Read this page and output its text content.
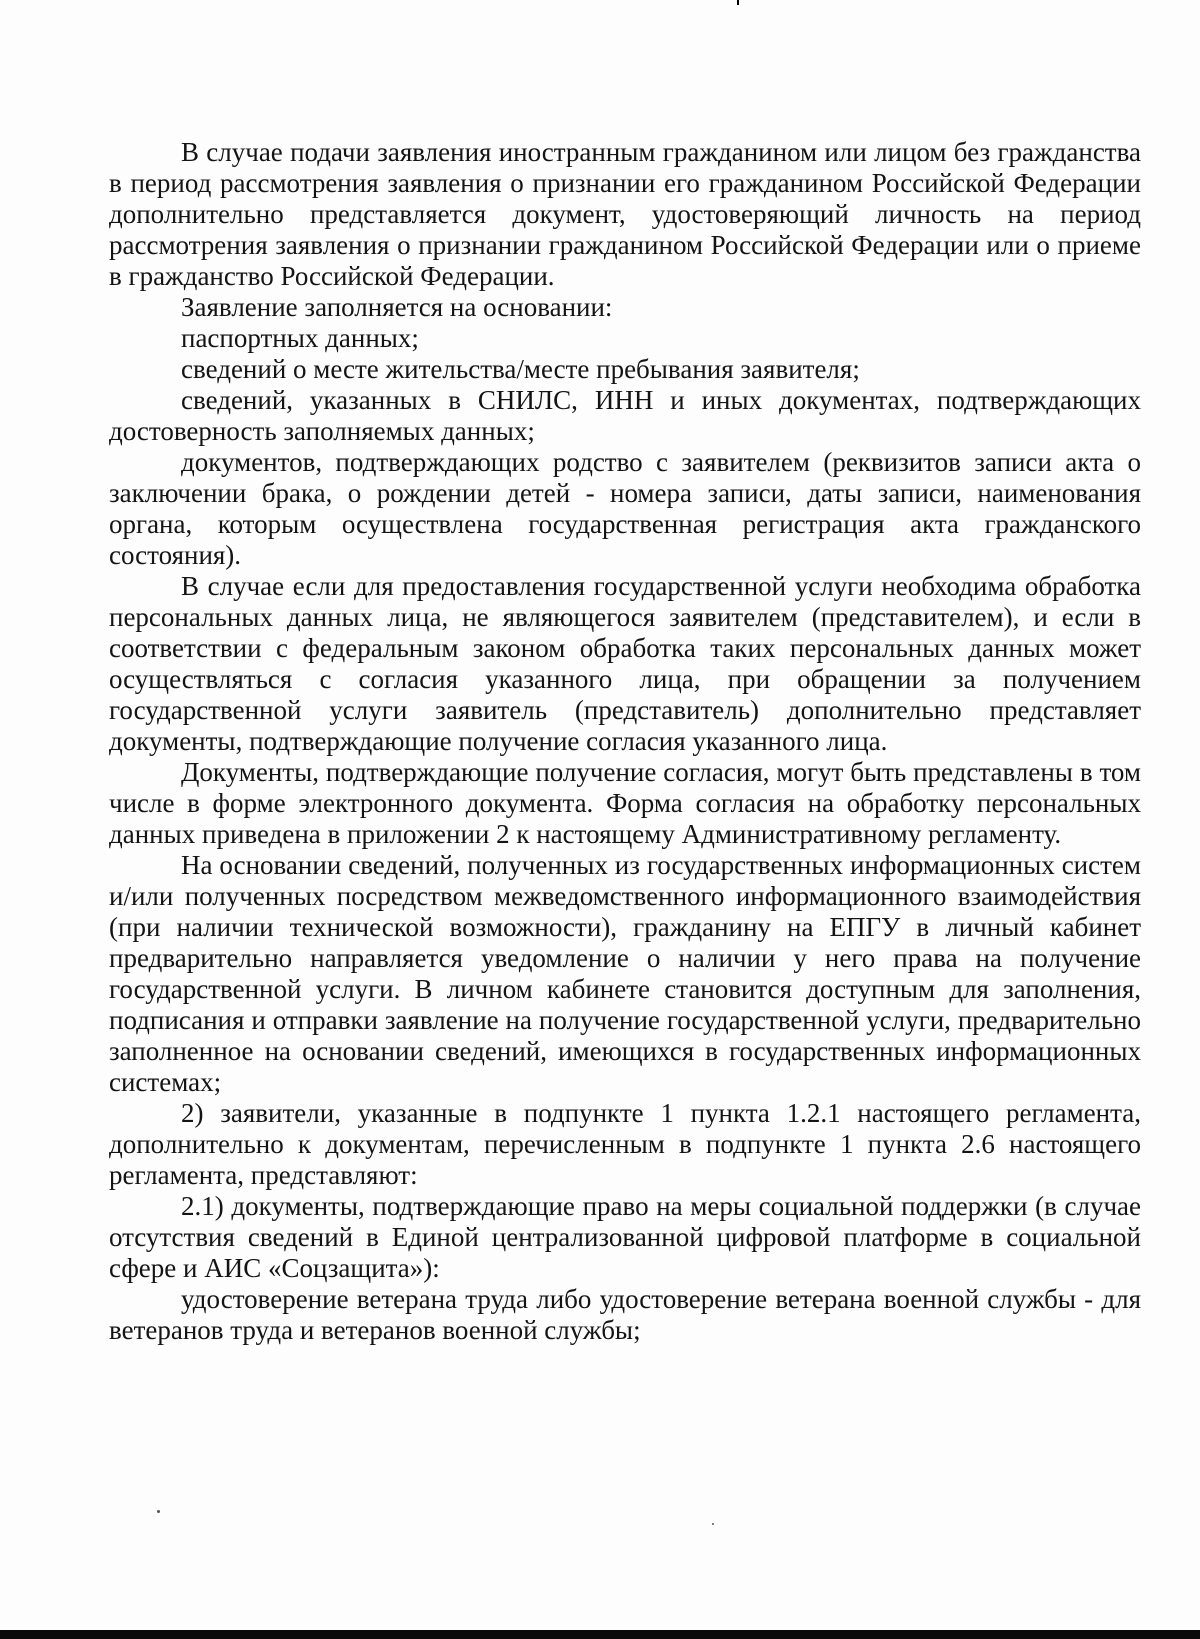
В случае подачи заявления иностранным гражданином или лицом без гражданства в период рассмотрения заявления о признании его гражданином Российской Федерации дополнительно представляется документ, удостоверяющий личность на период рассмотрения заявления о признании гражданином Российской Федерации или о приеме в гражданство Российской Федерации.

Заявление заполняется на основании:

паспортных данных;

сведений о месте жительства/месте пребывания заявителя;

сведений, указанных в СНИЛС, ИНН и иных документах, подтверждающих достоверность заполняемых данных;

документов, подтверждающих родство с заявителем (реквизитов записи акта о заключении брака, о рождении детей - номера записи, даты записи, наименования органа, которым осуществлена государственная регистрация акта гражданского состояния).

В случае если для предоставления государственной услуги необходима обработка персональных данных лица, не являющегося заявителем (представителем), и если в соответствии с федеральным законом обработка таких персональных данных может осуществляться с согласия указанного лица, при обращении за получением государственной услуги заявитель (представитель) дополнительно представляет документы, подтверждающие получение согласия указанного лица.

Документы, подтверждающие получение согласия, могут быть представлены в том числе в форме электронного документа. Форма согласия на обработку персональных данных приведена в приложении 2 к настоящему Административному регламенту.

На основании сведений, полученных из государственных информационных систем и/или полученных посредством межведомственного информационного взаимодействия (при наличии технической возможности), гражданину на ЕПГУ в личный кабинет предварительно направляется уведомление о наличии у него права на получение государственной услуги. В личном кабинете становится доступным для заполнения, подписания и отправки заявление на получение государственной услуги, предварительно заполненное на основании сведений, имеющихся в государственных информационных системах;

2) заявители, указанные в подпункте 1 пункта 1.2.1 настоящего регламента, дополнительно к документам, перечисленным в подпункте 1 пункта 2.6 настоящего регламента, представляют:

2.1) документы, подтверждающие право на меры социальной поддержки (в случае отсутствия сведений в Единой централизованной цифровой платформе в социальной сфере и АИС «Соцзащита»):

удостоверение ветерана труда либо удостоверение ветерана военной службы - для ветеранов труда и ветеранов военной службы;
